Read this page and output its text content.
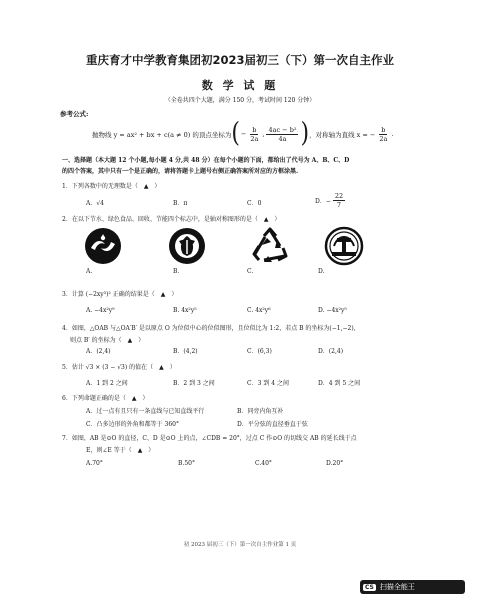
重庆育才中学教育集团初2023届初三（下）第一次自主作业
数 学 试 题
（全卷共四个大题，满分 150 分，考试时间 120 分钟）
参考公式:
抛物线 y = ax² + bx + c(a ≠ 0) 的顶点坐标为 ( − $\frac{b}{2a}$ , $\frac{\text{4ac − b²}}{4a}$ ) ，对称轴为直线 x = − $\frac{b}{2a}$ .
一、选择题（本大题 12 个小题,每小题 4 分,共 48 分）在每个小题的下面，都给出了代号为 A、B、C、D
的四个答案，其中只有一个是正确的，请将答题卡上题号右侧正确答案所对应的方框涂黑.
1．下列各数中的无理数是（　▲　）
A．√4	B．π	C．0	D．− $\frac{22}{7}$
2．在以下节水、绿色食品、回收、节能四个标志中，是轴对称图形的是（　▲　）
A.	B.	C.	D.
3．计算 (−2xy³)² 正确的结果是（　▲　）
A. −4x²y⁹	B. 4x²y⁵	C. 4x²y⁶	D. −4x²y⁵
4．如图，△OAB 与△OA′B′ 是以原点 O 为位似中心的位似图形，且位似比为 1:2，若点 B 的坐标为(−1,−2)，
则点 B′ 的坐标为（　▲　）
A．(2,4)	B．(4,2)	C．(6,3)	D．(2,4)
5．估计 √3 × (3 − √3) 的值在（　▲　）
A．1 到 2 之间	B．2 到 3 之间	C．3 到 4 之间	D．4 到 5 之间
6．下列命题正确的是（　▲　）
A．过一点有且只有一条直线与已知直线平行	B．同旁内角互补
C．凸多边形的外角和都等于 360°	D．平分弦的直径垂直于弦
7．如图，AB 是⊙O 的直径，C、D 是⊙O 上的点，∠CDB = 20°，过点 C 作⊙O 的切线交 AB 的延长线于点
E，则∠E 等于（　▲　）
A.70°	B.50°	C.40°	D.20°
初 2023 届初三（下）第一次自主作业第 1 页
CS 扫描全能王
